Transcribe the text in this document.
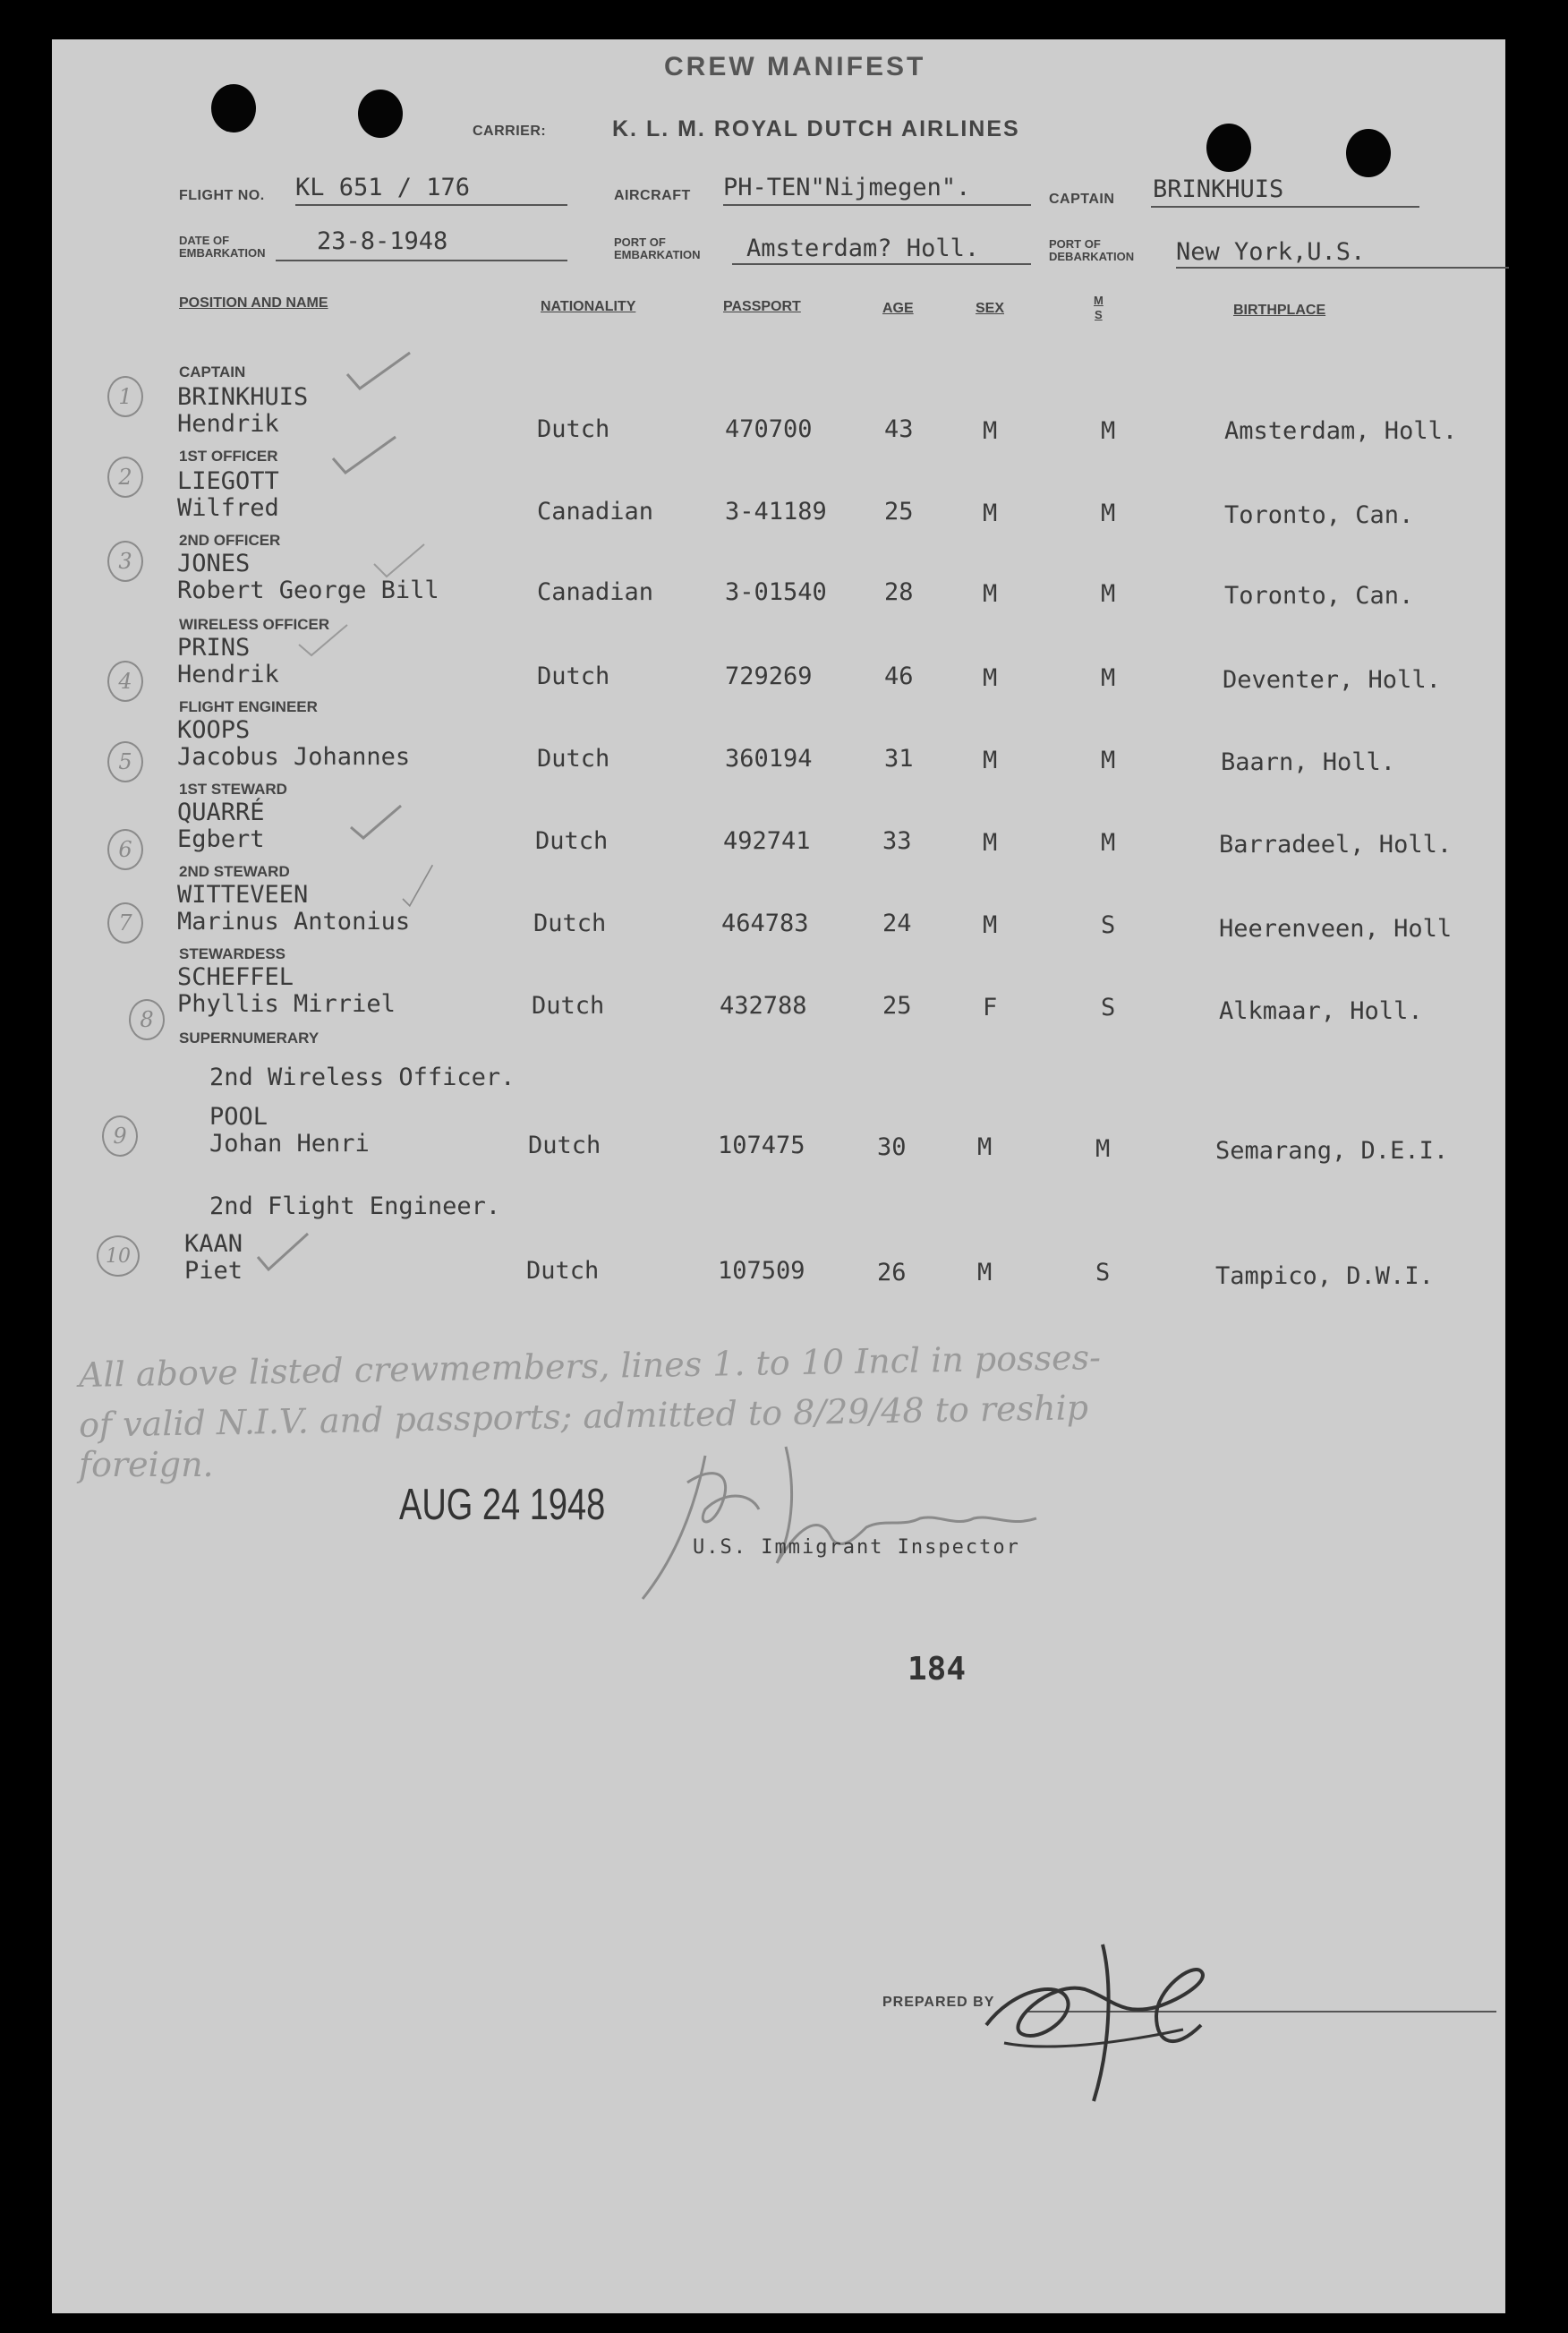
CREW MANIFEST
CARRIER:	K. L. M. ROYAL DUTCH AIRLINES
FLIGHT NO. KL 651 / 176	AIRCRAFT PH-TEN"Nijmegen".	CAPTAIN BRINKHUIS
DATE OF
EMBARKATION 23-8-1948	PORT OF
EMBARKATION Amsterdam? Holl.	PORT OF
DEBARKATION New York,U.S.
POSITION AND NAME	NATIONALITY	PASSPORT	AGE	SEX
M
S	BIRTHPLACE
1
CAPTAIN
BRINKHUIS
Hendrik	Dutch	470700	43	M	M	Amsterdam, Holl.
2
1ST OFFICER
LIEGOTT
Wilfred	Canadian	3-41189 25	M	M	Toronto, Can.
3
2ND OFFICER
JONES
Robert George Bill	Canadian	3-01540 28	M	M	Toronto, Can.
4
WIRELESS OFFICER
PRINS
Hendrik	Dutch	729269	46	M	M	Deventer, Holl.
5
FLIGHT ENGINEER
KOOPS
Jacobus Johannes	Dutch	360194	31	M	M	Baarn, Holl.
6
1ST STEWARD
QUARRÉ
Egbert	Dutch	492741	33	M	M	Barradeel, Holl.
7
2ND STEWARD
WITTEVEEN
Marinus Antonius	Dutch	464783	24	M	S	Heerenveen, Holl
8
STEWARDESS
SCHEFFEL
Phyllis Mirriel	Dutch	432788	25	F	S	Alkmaar, Holl.
SUPERNUMERARY
9
2nd Wireless Officer.
POOL
Johan Henri	Dutch	107475	30	M	M	Semarang, D.E.I.
10
2nd Flight Engineer.
KAAN
Piet	Dutch	107509	26	M	S	Tampico, D.W.I.
All above listed crewmembers, lines 1. to 10 Incl in posses-
of valid N.I.V. and passports; admitted to 8/29/48 to reship
foreign.
AUG 24 1948
U.S. Immigrant Inspector
184
PREPARED BY
